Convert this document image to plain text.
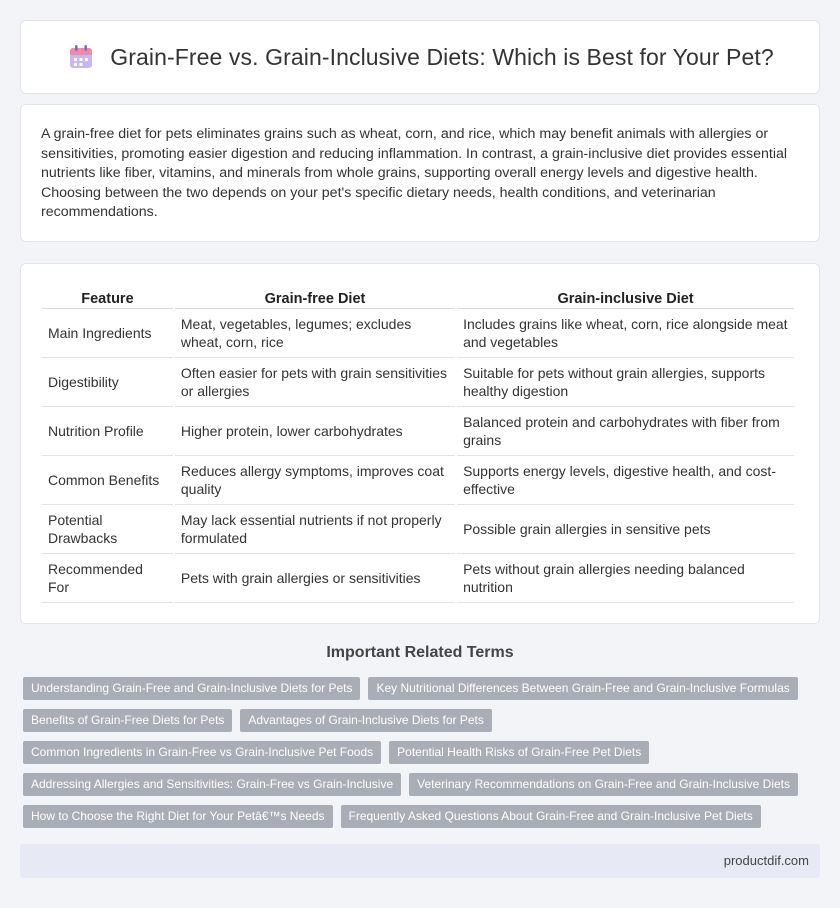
Grain-Free vs. Grain-Inclusive Diets: Which is Best for Your Pet?

A grain-free diet for pets eliminates grains such as wheat, corn, and rice, which may benefit animals with allergies or sensitivities, promoting easier digestion and reducing inflammation. In contrast, a grain-inclusive diet provides essential nutrients like fiber, vitamins, and minerals from whole grains, supporting overall energy levels and digestive health. Choosing between the two depends on your pet's specific dietary needs, health conditions, and veterinarian recommendations.

Feature	Grain-free Diet	Grain-inclusive Diet
Main Ingredients	Meat, vegetables, legumes; excludes wheat, corn, rice	Includes grains like wheat, corn, rice alongside meat and vegetables
Digestibility	Often easier for pets with grain sensitivities or allergies	Suitable for pets without grain allergies, supports healthy digestion
Nutrition Profile	Higher protein, lower carbohydrates	Balanced protein and carbohydrates with fiber from grains
Common Benefits	Reduces allergy symptoms, improves coat quality	Supports energy levels, digestive health, and cost-effective
Potential Drawbacks	May lack essential nutrients if not properly formulated	Possible grain allergies in sensitive pets
Recommended For	Pets with grain allergies or sensitivities	Pets without grain allergies needing balanced nutrition
Important Related Terms
Understanding Grain-Free and Grain-Inclusive Diets for Pets	Key Nutritional Differences Between Grain-Free and Grain-Inclusive Formulas
Benefits of Grain-Free Diets for Pets	Advantages of Grain-Inclusive Diets for Pets
Common Ingredients in Grain-Free vs Grain-Inclusive Pet Foods	Potential Health Risks of Grain-Free Pet Diets
Addressing Allergies and Sensitivities: Grain-Free vs Grain-Inclusive	Veterinary Recommendations on Grain-Free and Grain-Inclusive Diets
How to Choose the Right Diet for Your Petâ€™s Needs	Frequently Asked Questions About Grain-Free and Grain-Inclusive Pet Diets
productdif.com
